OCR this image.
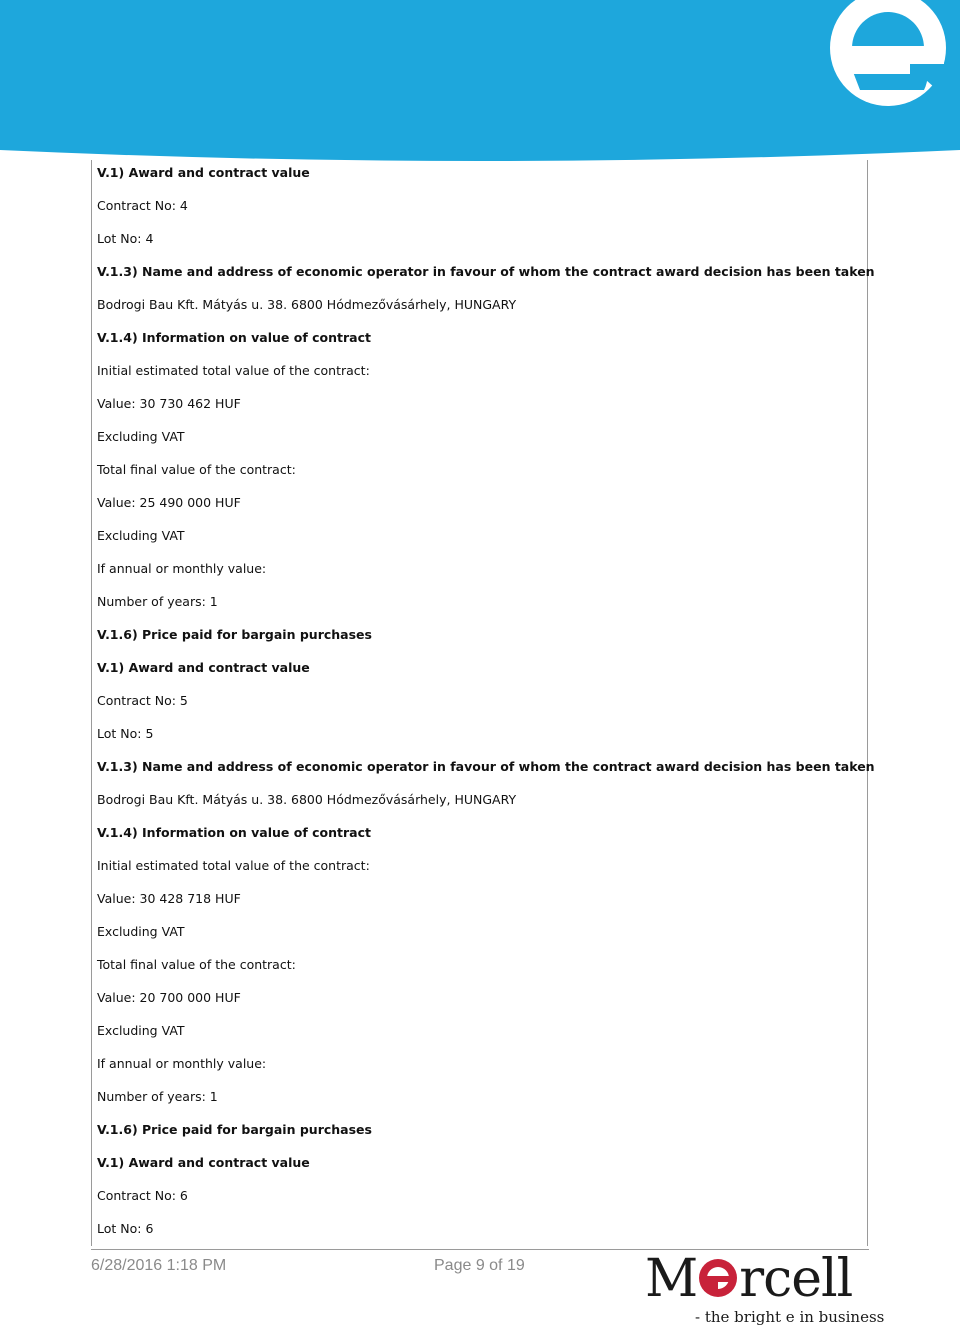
V.1) Award and contract value
Contract No: 4
Lot No: 4
V.1.3) Name and address of economic operator in favour of whom the contract award decision has been taken
Bodrogi Bau Kft. Mátyás u. 38. 6800 Hódmezővásárhely, HUNGARY
V.1.4) Information on value of contract
Initial estimated total value of the contract:
Value: 30 730 462 HUF
Excluding VAT
Total final value of the contract:
Value: 25 490 000 HUF
Excluding VAT
If annual or monthly value:
Number of years: 1
V.1.6) Price paid for bargain purchases
V.1) Award and contract value
Contract No: 5
Lot No: 5
V.1.3) Name and address of economic operator in favour of whom the contract award decision has been taken
Bodrogi Bau Kft. Mátyás u. 38. 6800 Hódmezővásárhely, HUNGARY
V.1.4) Information on value of contract
Initial estimated total value of the contract:
Value: 30 428 718 HUF
Excluding VAT
Total final value of the contract:
Value: 20 700 000 HUF
Excluding VAT
If annual or monthly value:
Number of years: 1
V.1.6) Price paid for bargain purchases
V.1) Award and contract value
Contract No: 6
Lot No: 6
6/28/2016 1:18 PM	Page 9 of 19 M rcell
- the bright e in business
